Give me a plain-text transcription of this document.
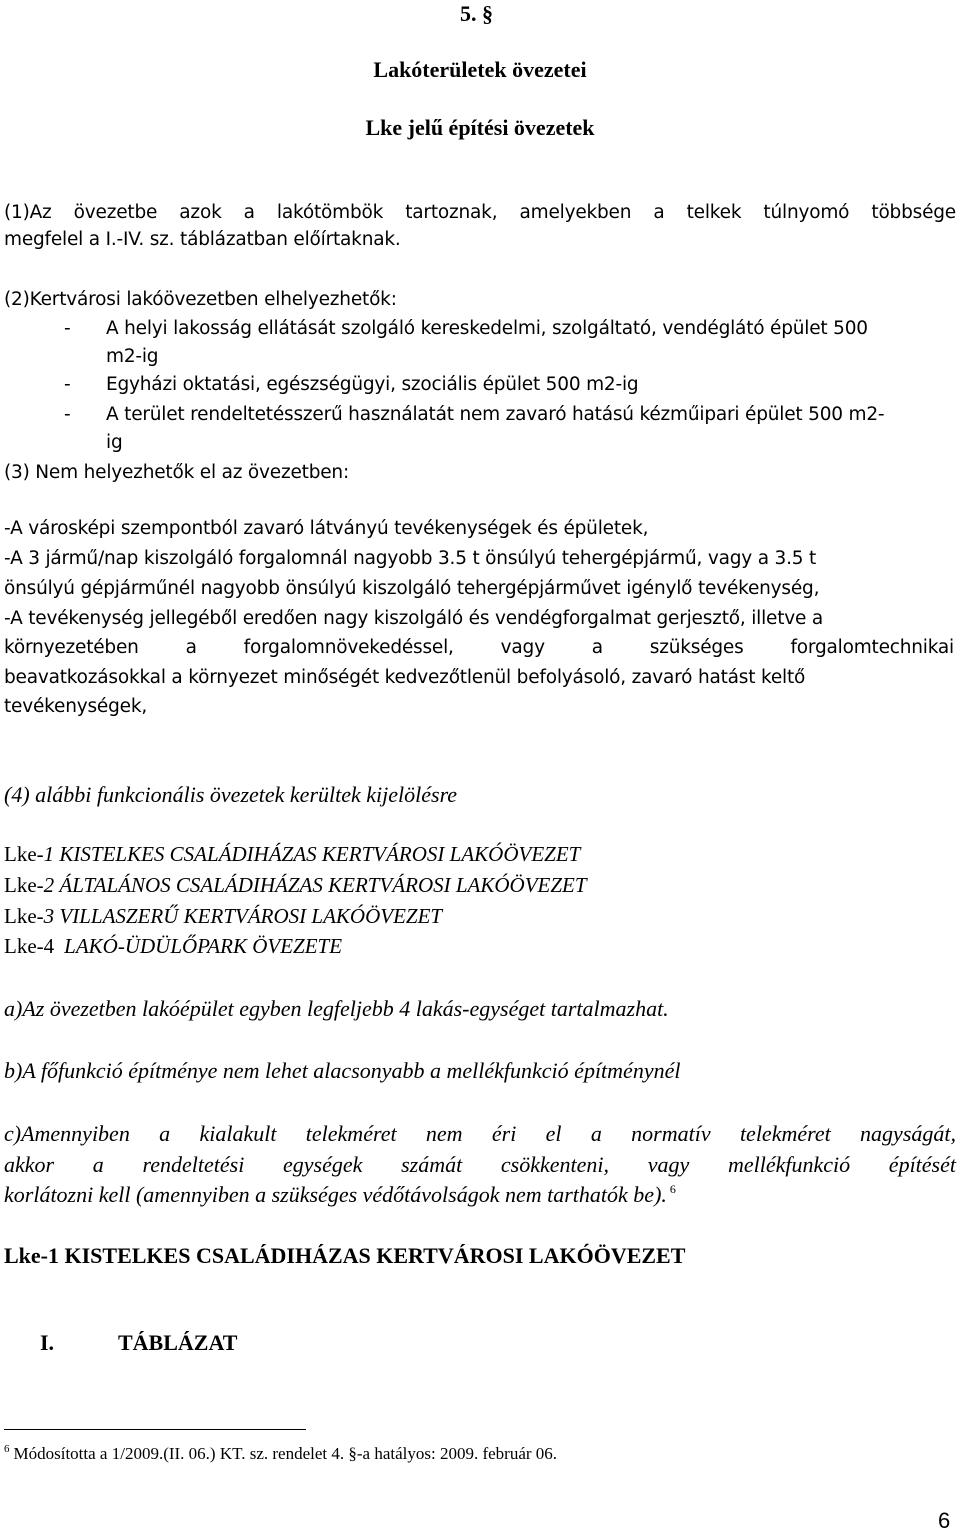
5. §
Lakóterületek övezetei
Lke jelű építési övezetek
(1)Az övezetbe azok a lakótömbök tartoznak, amelyekben a telkek túlnyomó többsége
megfelel a I.-IV. sz. táblázatban előírtaknak.
(2)Kertvárosi lakóövezetben elhelyezhetők:
- A helyi lakosság ellátását szolgáló kereskedelmi, szolgáltató, vendéglátó épület 500
m2-ig
- Egyházi oktatási, egészségügyi, szociális épület 500 m2-ig
- A terület rendeltetésszerű használatát nem zavaró hatású kézműipari épület 500 m2-
ig
(3) Nem helyezhetők el az övezetben:
-A városképi szempontból zavaró látványú tevékenységek és épületek,
-A 3 jármű/nap kiszolgáló forgalomnál nagyobb 3.5 t önsúlyú tehergépjármű, vagy a 3.5 t
önsúlyú gépjárműnél nagyobb önsúlyú kiszolgáló tehergépjárművet igénylő tevékenység,
-A tevékenység jellegéből eredően nagy kiszolgáló és vendégforgalmat gerjesztő, illetve a
környezetében a forgalomnövekedéssel, vagy a szükséges forgalomtechnikai
beavatkozásokkal a környezet minőségét kedvezőtlenül befolyásoló, zavaró hatást keltő
tevékenységek,
(4) alábbi funkcionális övezetek kerültek kijelölésre
Lke-1 KISTELKES CSALÁDIHÁZAS KERTVÁROSI LAKÓÖVEZET
Lke-2 ÁLTALÁNOS CSALÁDIHÁZAS KERTVÁROSI LAKÓÖVEZET
Lke-3 VILLASZERŰ KERTVÁROSI LAKÓÖVEZET
Lke-4 LAKÓ-ÜDÜLŐPARK ÖVEZETE
a)Az övezetben lakóépület egyben legfeljebb 4 lakás-egységet tartalmazhat.
b)A főfunkció építménye nem lehet alacsonyabb a mellékfunkció építménynél
c)Amennyiben a kialakult telekméret nem éri el a normatív telekméret nagyságát,
akkor a rendeltetési egységek számát csökkenteni, vagy mellékfunkció építését
korlátozni kell (amennyiben a szükséges védőtávolságok nem tarthatók be). $^6$
Lke-1 KISTELKES CSALÁDIHÁZAS KERTVÁROSI LAKÓÖVEZET
I.	TÁBLÁZAT
$^6$ Módosította a 1/2009.(II. 06.) KT. sz. rendelet 4. §-a hatályos: 2009. február 06.
6
